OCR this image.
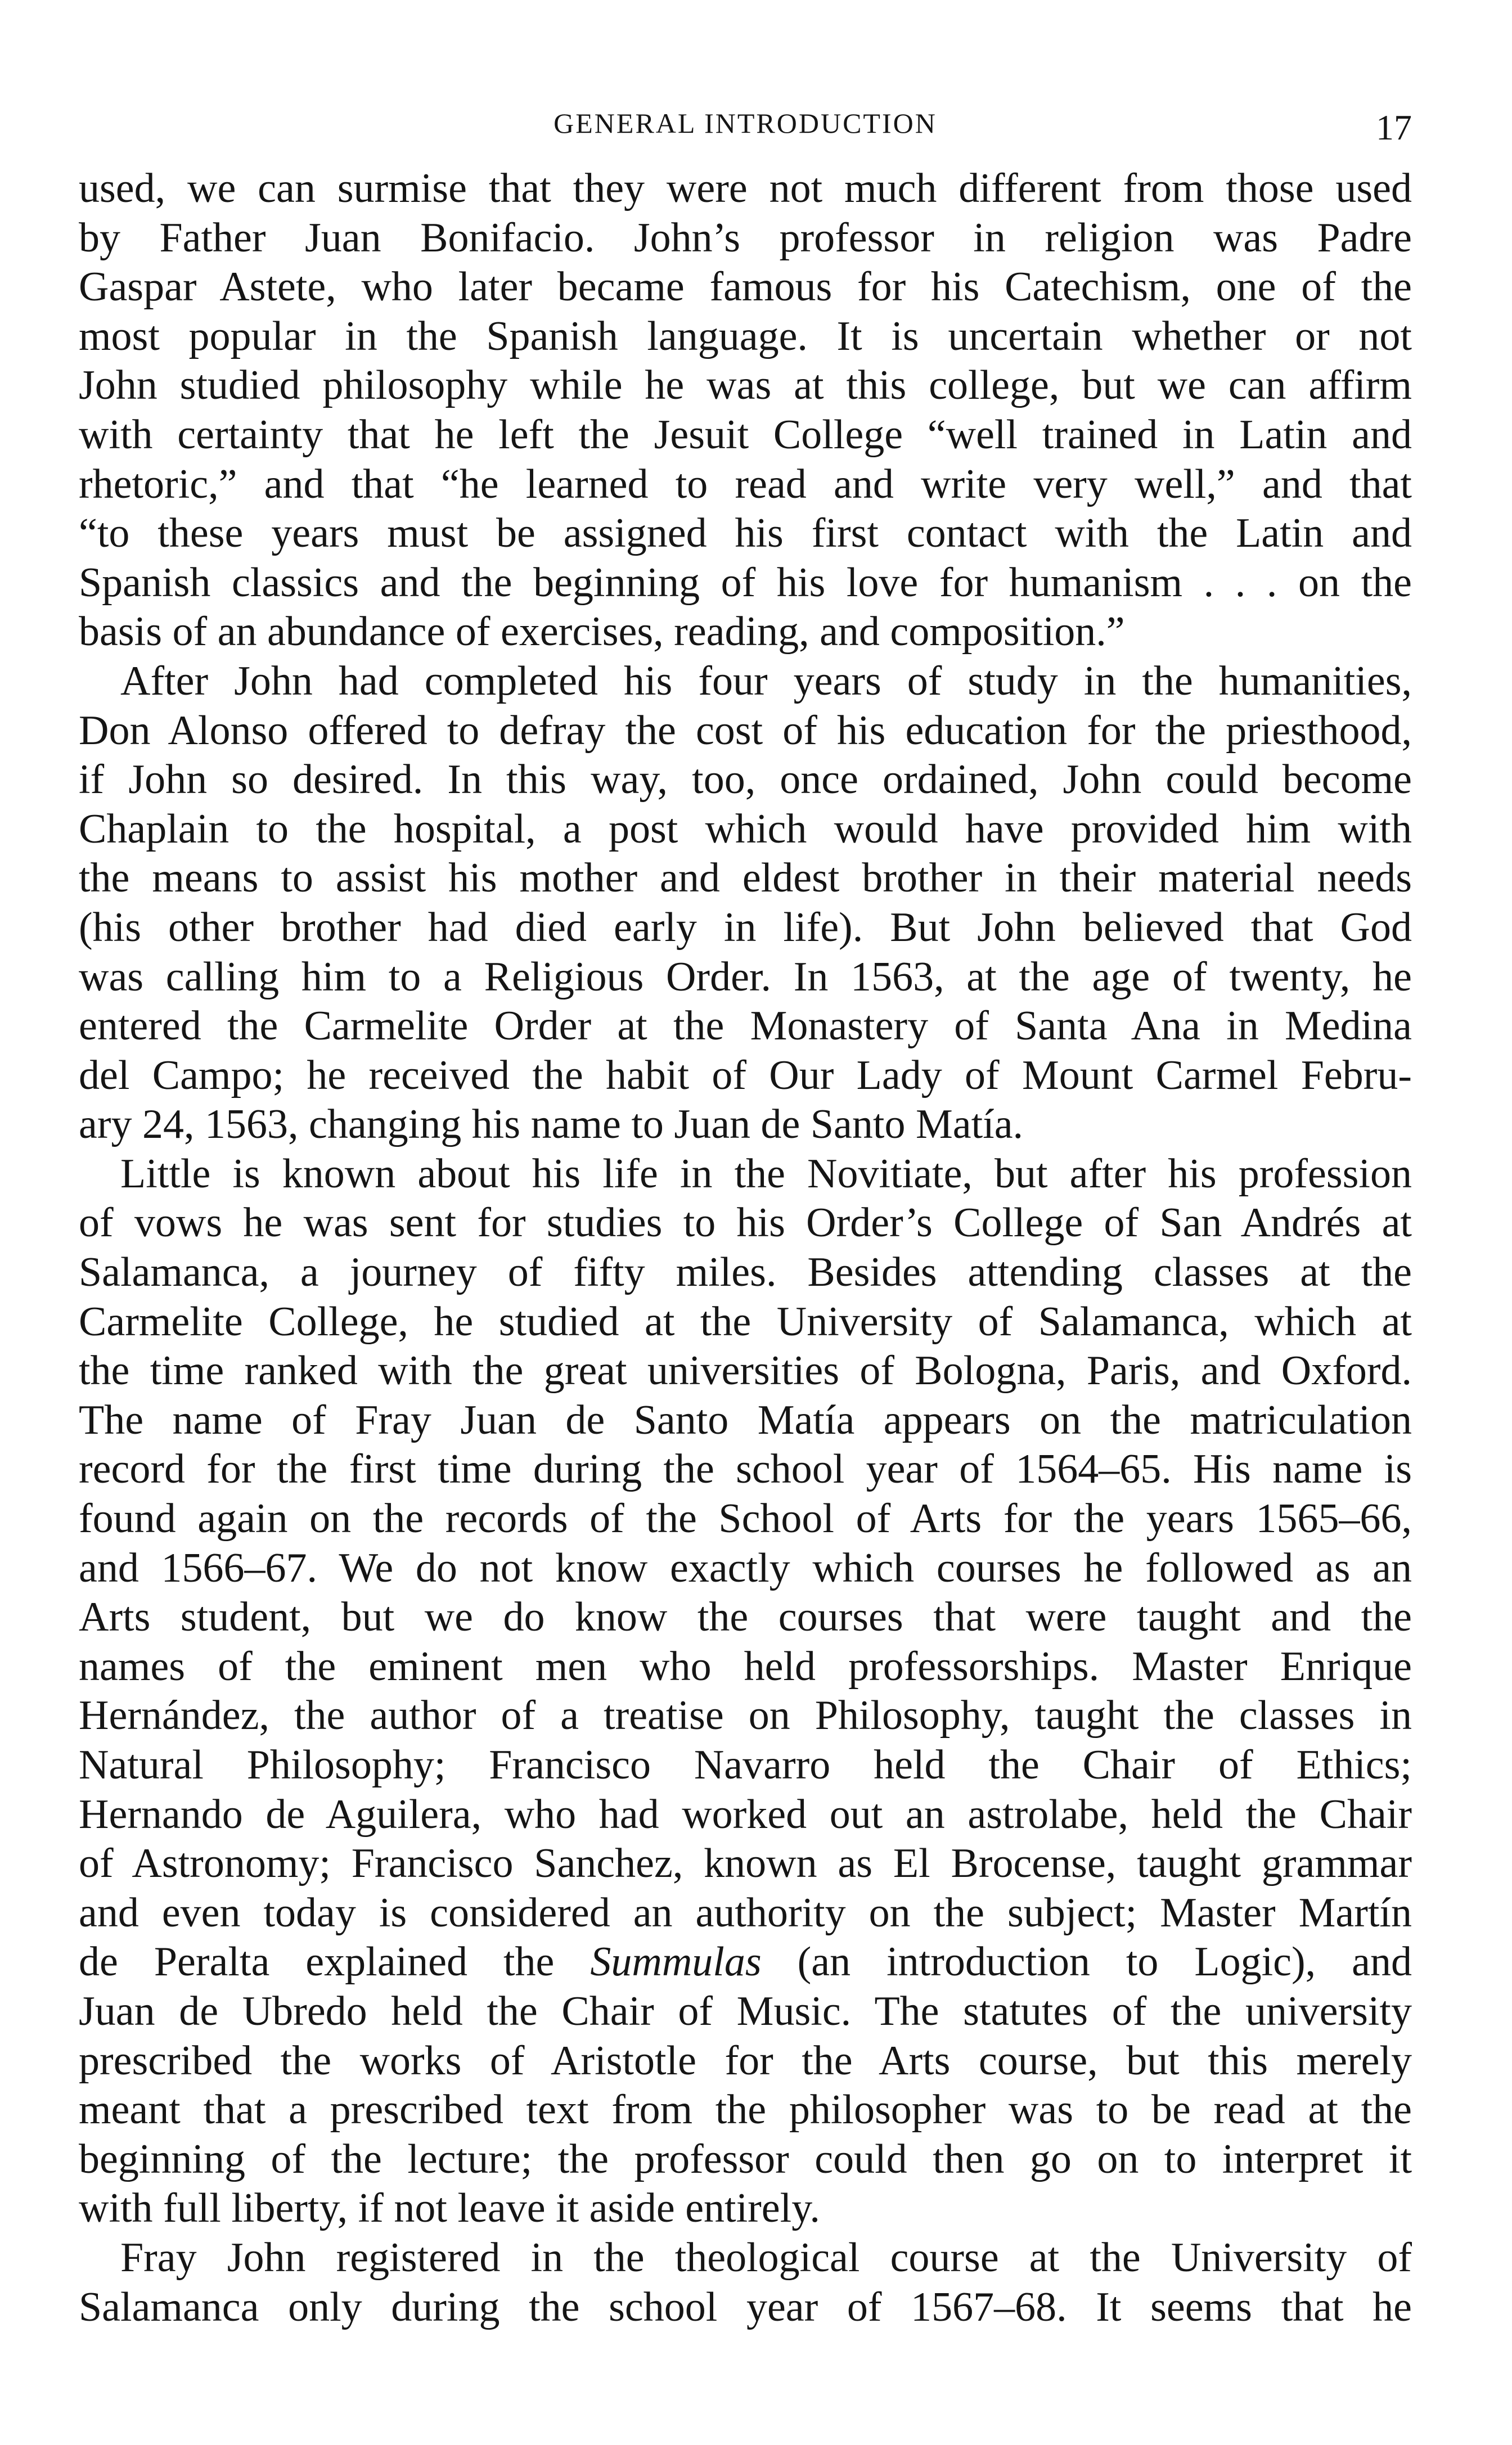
GENERAL INTRODUCTION	17
used, we can surmise that they were not much different from those used
by Father Juan Bonifacio. John’s professor in religion was Padre
Gaspar Astete, who later became famous for his Catechism, one of the
most popular in the Spanish language. It is uncertain whether or not
John studied philosophy while he was at this college, but we can affirm
with certainty that he left the Jesuit College “well trained in Latin and
rhetoric,” and that “he learned to read and write very well,” and that
“to these years must be assigned his first contact with the Latin and
Spanish classics and the beginning of his love for humanism . . . on the
basis of an abundance of exercises, reading, and composition.”
After John had completed his four years of study in the humanities,
Don Alonso offered to defray the cost of his education for the priesthood,
if John so desired. In this way, too, once ordained, John could become
Chaplain to the hospital, a post which would have provided him with
the means to assist his mother and eldest brother in their material needs
(his other brother had died early in life). But John believed that God
was calling him to a Religious Order. In 1563, at the age of twenty, he
entered the Carmelite Order at the Monastery of Santa Ana in Medina
del Campo; he received the habit of Our Lady of Mount Carmel Febru-
ary 24, 1563, changing his name to Juan de Santo Matía.
Little is known about his life in the Novitiate, but after his profession
of vows he was sent for studies to his Order’s College of San Andrés at
Salamanca, a journey of fifty miles. Besides attending classes at the
Carmelite College, he studied at the University of Salamanca, which at
the time ranked with the great universities of Bologna, Paris, and Oxford.
The name of Fray Juan de Santo Matía appears on the matriculation
record for the first time during the school year of 1564–65. His name is
found again on the records of the School of Arts for the years 1565–66,
and 1566–67. We do not know exactly which courses he followed as an
Arts student, but we do know the courses that were taught and the
names of the eminent men who held professorships. Master Enrique
Hernández, the author of a treatise on Philosophy, taught the classes in
Natural Philosophy; Francisco Navarro held the Chair of Ethics;
Hernando de Aguilera, who had worked out an astrolabe, held the Chair
of Astronomy; Francisco Sanchez, known as El Brocense, taught grammar
and even today is considered an authority on the subject; Master Martín
de Peralta explained the Summulas (an introduction to Logic), and
Juan de Ubredo held the Chair of Music. The statutes of the university
prescribed the works of Aristotle for the Arts course, but this merely
meant that a prescribed text from the philosopher was to be read at the
beginning of the lecture; the professor could then go on to interpret it
with full liberty, if not leave it aside entirely.
Fray John registered in the theological course at the University of
Salamanca only during the school year of 1567–68. It seems that he
